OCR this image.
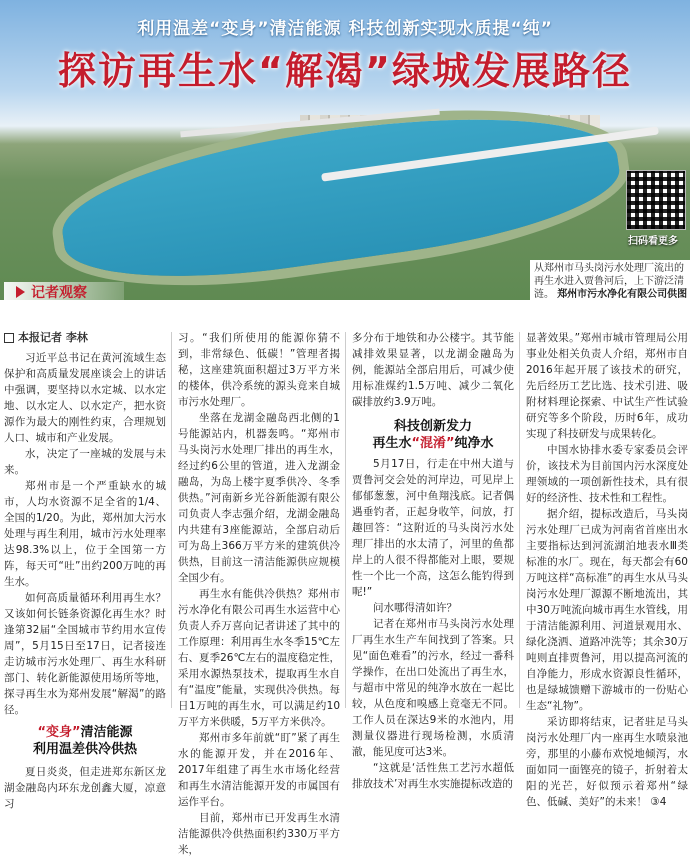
利用温差“变身”清洁能源 科技创新实现水质提“纯”
探访再生水“解渴”绿城发展路径
扫码看更多
记者观察
从郑州市马头岗污水处理厂流出的再生水进入贾鲁河后，上下游泛清涟。 郑州市污水净化有限公司供图
本报记者 李林

习近平总书记在黄河流域生态保护和高质量发展座谈会上的讲话中强调，要坚持以水定城、以水定地、以水定人、以水定产，把水资源作为最大的刚性约束，合理规划人口、城市和产业发展。

水，决定了一座城的发展与未来。

郑州市是一个严重缺水的城市，人均水资源不足全省的1/4、全国的1/20。为此，郑州加大污水处理与再生利用，城市污水处理率达98.3%以上，位于全国第一方阵，每天可“吐”出约200万吨的再生水。

如何高质量循环利用再生水？又该如何长链条资源化再生水？时逢第32届“全国城市节约用水宣传周”，5月15日至17日，记者接连走访城市污水处理厂、再生水科研部门、转化新能源使用场所等地，探寻再生水为郑州发展“解渴”的路径。

“变身”清洁能源
利用温差供冷供热

夏日炎炎，但走进郑东新区龙湖金融岛内环东龙创鑫大厦，凉意习

习。“我们所使用的能源你猜不到，非常绿色、低碳！”管理者揭秘，这座建筑面积超过3万平方米的楼体，供冷系统的源头竟来自城市污水处理厂。

坐落在龙湖金融岛西北侧的1号能源站内，机器轰鸣。“郑州市马头岗污水处理厂排出的再生水，经过约6公里的管道，进入龙湖金融岛，为岛上楼宇夏季供冷、冬季供热。”河南新乡光谷新能源有限公司负责人李志强介绍，龙湖金融岛内共建有3座能源站，全部启动后可为岛上366万平方米的建筑供冷供热，目前这一清洁能源供应规模全国少有。

再生水有能供冷供热？郑州市污水净化有限公司再生水运营中心负责人乔万喜向记者讲述了其中的工作原理：利用再生水冬季15℃左右、夏季26℃左右的温度稳定性，采用水源热泵技术，提取再生水自有“温度”能量，实现供冷供热。每日1万吨的再生水，可以满足约10万平方米供暖，5万平方米供冷。

郑州市多年前就“盯”紧了再生水的能源开发，并在2016年、2017年组建了再生水市场化经营和再生水清洁能源开发的市属国有运作平台。

目前，郑州市已开发再生水清洁能源供冷供热面积约330万平方米，

多分布于地铁和办公楼宇。其节能减排效果显著，以龙湖金融岛为例，能源站全部启用后，可减少使用标准煤约1.5万吨、减少二氧化碳排放约3.9万吨。

科技创新发力
再生水“混淆”纯净水

5月17日，行走在中州大道与贾鲁河交会处的河岸边，可见岸上郁郁葱葱，河中鱼翔浅底。记者偶遇垂钓者，正起身收竿，问放，打趣回答：“这附近的马头岗污水处理厂排出的水太清了，河里的鱼都岸上的人很不得都能对上眼，要规性一个比一个高，这怎么能钓得到呢!”

问水哪得清如许？

记者在郑州市马头岗污水处理厂再生水生产车间找到了答案。只见“面色难看”的污水，经过一番科学操作，在出口处流出了再生水，与超市中常见的纯净水放在一起比较，从色度和嗅感上竟毫无不同。工作人员在深达9米的水池内，用测量仪器进行现场检测，水质清澈，能见度可达3米。

“这就是‘活性焦工艺污水超低排放技术’对再生水实施提标改造的

显著效果。”郑州市城市管理局公用事业处相关负责人介绍，郑州市自2016年起开展了该技术的研究，先后经历工艺比选、技术引进、吸附材料理论探索、中试生产性试验研究等多个阶段，历时6年，成功实现了科技研发与成果转化。

中国水协排水委专家委员会评价，该技术为目前国内污水深度处理领域的一项创新性技术，具有很好的经济性、技术性和工程性。

据介绍，提标改造后，马头岗污水处理厂已成为河南省首座出水主要指标达到河流湖泊地表水Ⅲ类标准的水厂。现在，每天都会有60万吨这样“高标准”的再生水从马头岗污水处理厂源源不断地流出，其中30万吨流向城市再生水管线，用于清洁能源利用、河道景观用水、绿化浇洒、道路冲洗等；其余30万吨则直排贾鲁河，用以提高河流的自净能力，形成水资源良性循环，也是绿城馈赠下游城市的一份贴心生态“礼物”。

采访即将结束，记者驻足马头岗污水处理厂内一座再生水喷泉池旁，那里的小藤布欢悦地倾泻，水面如同一面铿亮的镜子，折射着太阳的光芒，好似预示着郑州“绿色、低碱、美好”的未来！ ③4
